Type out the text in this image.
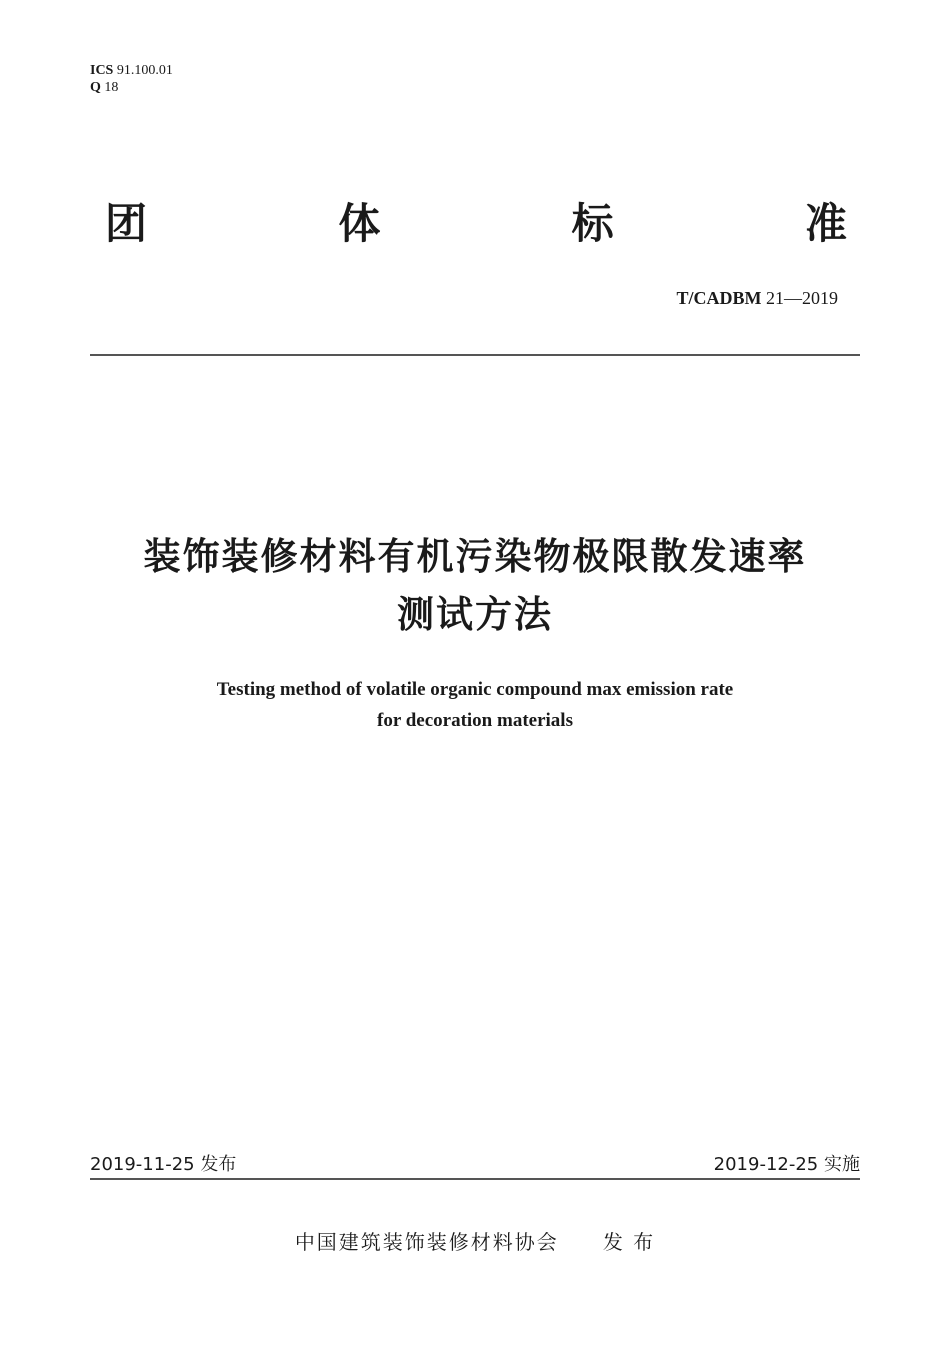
ICS 91.100.01
Q 18
团	体	标	准
T/CADBM 21—2019
装饰装修材料有机污染物极限散发速率
测试方法
Testing method of volatile organic compound max emission rate
for decoration materials
2019-11-25 发布	2019-12-25 实施
中国建筑装饰装修材料协会 发 布
